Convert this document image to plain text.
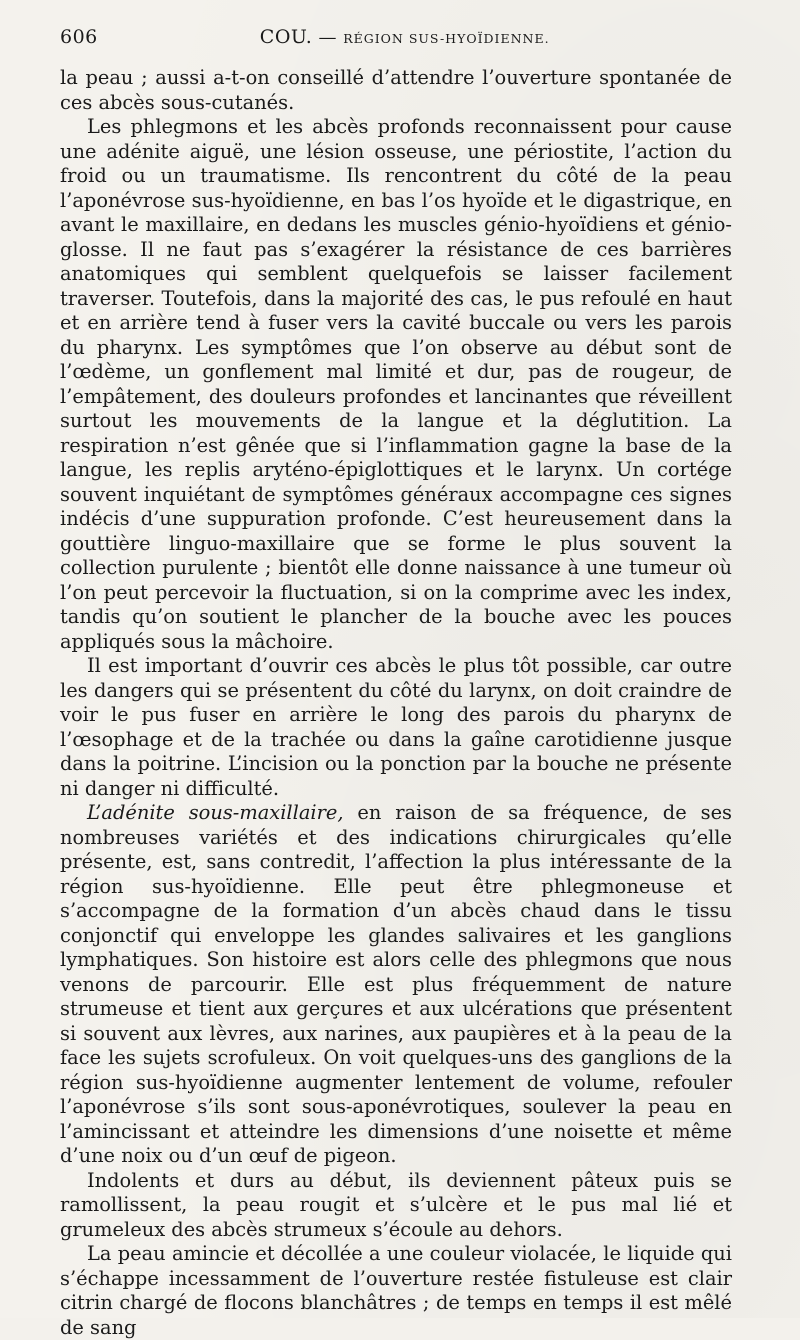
606	COU. — RÉGION SUS-HYOÏDIENNE.

la peau ; aussi a-t-on conseillé d’attendre l’ouverture spontanée de ces abcès sous-cutanés.

Les phlegmons et les abcès profonds reconnaissent pour cause une adénite aiguë, une lésion osseuse, une périostite, l’action du froid ou un traumatisme. Ils rencontrent du côté de la peau l’aponévrose sus-hyoïdienne, en bas l’os hyoïde et le digastrique, en avant le maxillaire, en dedans les muscles génio-hyoïdiens et génio-glosse. Il ne faut pas s’exagérer la résistance de ces barrières anatomiques qui semblent quelquefois se laisser facilement traverser. Toutefois, dans la majorité des cas, le pus refoulé en haut et en arrière tend à fuser vers la cavité buccale ou vers les parois du pharynx. Les symptômes que l’on observe au début sont de l’œdème, un gonflement mal limité et dur, pas de rougeur, de l’empâtement, des douleurs profondes et lancinantes que réveillent surtout les mouvements de la langue et la déglutition. La respiration n’est gênée que si l’inflammation gagne la base de la langue, les replis aryténo-épiglottiques et le larynx. Un cortége souvent inquiétant de symptômes généraux accompagne ces signes indécis d’une suppuration profonde. C’est heureusement dans la gouttière linguo-maxillaire que se forme le plus souvent la collection purulente ; bientôt elle donne naissance à une tumeur où l’on peut percevoir la fluctuation, si on la comprime avec les index, tandis qu’on soutient le plancher de la bouche avec les pouces appliqués sous la mâchoire.

Il est important d’ouvrir ces abcès le plus tôt possible, car outre les dangers qui se présentent du côté du larynx, on doit craindre de voir le pus fuser en arrière le long des parois du pharynx de l’œsophage et de la trachée ou dans la gaîne carotidienne jusque dans la poitrine. L’incision ou la ponction par la bouche ne présente ni danger ni difficulté.

L’adénite sous-maxillaire, en raison de sa fréquence, de ses nombreuses variétés et des indications chirurgicales qu’elle présente, est, sans contredit, l’affection la plus intéressante de la région sus-hyoïdienne. Elle peut être phlegmoneuse et s’accompagne de la formation d’un abcès chaud dans le tissu conjonctif qui enveloppe les glandes salivaires et les ganglions lymphatiques. Son histoire est alors celle des phlegmons que nous venons de parcourir. Elle est plus fréquemment de nature strumeuse et tient aux gerçures et aux ulcérations que présentent si souvent aux lèvres, aux narines, aux paupières et à la peau de la face les sujets scrofuleux. On voit quelques-uns des ganglions de la région sus-hyoïdienne augmenter lentement de volume, refouler l’aponévrose s’ils sont sous-aponévrotiques, soulever la peau en l’amincissant et atteindre les dimensions d’une noisette et même d’une noix ou d’un œuf de pigeon.

Indolents et durs au début, ils deviennent pâteux puis se ramollissent, la peau rougit et s’ulcère et le pus mal lié et grumeleux des abcès strumeux s’écoule au dehors.

La peau amincie et décollée a une couleur violacée, le liquide qui s’échappe incessamment de l’ouverture restée fistuleuse est clair citrin chargé de flocons blanchâtres ; de temps en temps il est mêlé de sang
